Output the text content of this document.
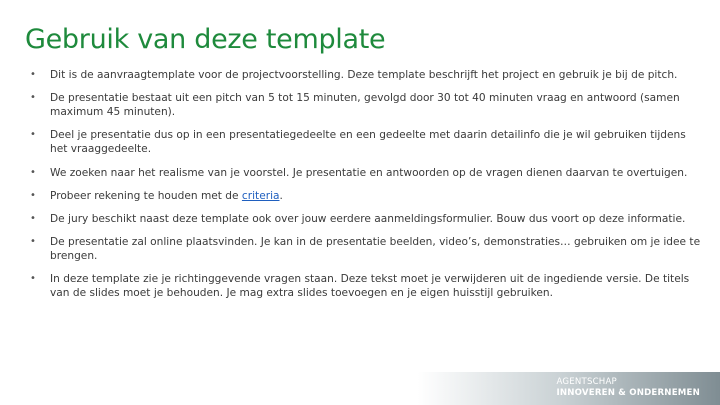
Gebruik van deze template
• Dit is de aanvraagtemplate voor de projectvoorstelling. Deze template beschrijft het project en gebruik je bij de pitch.
• De presentatie bestaat uit een pitch van 5 tot 15 minuten, gevolgd door 30 tot 40 minuten vraag en antwoord (samen maximum 45 minuten).
• Deel je presentatie dus op in een presentatiegedeelte en een gedeelte met daarin detailinfo die je wil gebruiken tijdens het vraaggedeelte.
• We zoeken naar het realisme van je voorstel. Je presentatie en antwoorden op de vragen dienen daarvan te overtuigen.
• Probeer rekening te houden met de criteria.
• De jury beschikt naast deze template ook over jouw eerdere aanmeldingsformulier. Bouw dus voort op deze informatie.
• De presentatie zal online plaatsvinden. Je kan in de presentatie beelden, video’s, demonstraties… gebruiken om je idee te brengen.
• In deze template zie je richtinggevende vragen staan. Deze tekst moet je verwijderen uit de ingediende versie. De titels van de slides moet je behouden. Je mag extra slides toevoegen en je eigen huisstijl gebruiken.
AGENTSCHAP
INNOVEREN & ONDERNEMEN
